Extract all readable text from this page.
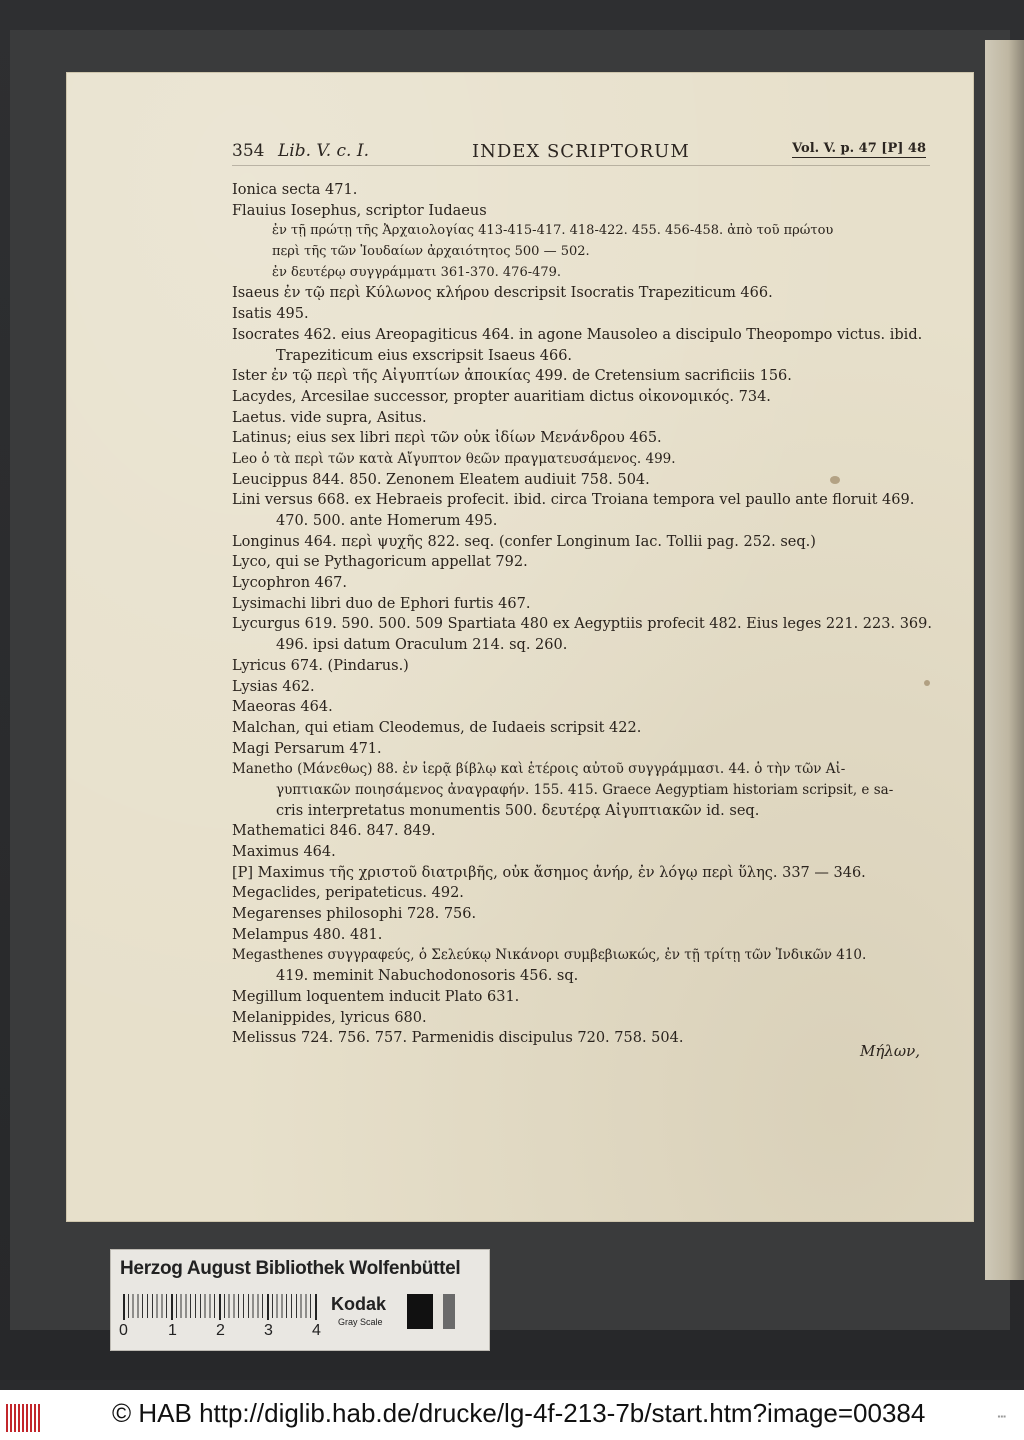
354 Lib. V. c. I.	INDEX SCRIPTORUM	Vol. V. p. 47 [P] 48
Ionica secta 471.
Flauius Iosephus, scriptor Iudaeus
ἐν τῇ πρώτῃ τῆς Ἀρχαιολογίας 413-415-417. 418-422. 455. 456-458. ἀπὸ τοῦ πρώτου
περὶ τῆς τῶν Ἰουδαίων ἀρχαιότητος 500 — 502.
ἐν δευτέρῳ συγγράμματι 361-370. 476-479.
Isaeus ἐν τῷ περὶ Κύλωνος κλήρου descripsit Isocratis Trapeziticum 466.
Isatis 495.
Isocrates 462. eius Areopagiticus 464. in agone Mausoleo a discipulo Theopompo victus. ibid.
Trapeziticum eius exscripsit Isaeus 466.
Ister ἐν τῷ περὶ τῆς Αἰγυπτίων ἀποικίας 499. de Cretensium sacrificiis 156.
Lacydes, Arcesilae successor, propter auaritiam dictus οἰκονομικός. 734.
Laetus. vide supra, Asitus.
Latinus; eius sex libri περὶ τῶν οὐκ ἰδίων Μενάνδρου 465.
Leo ὁ τὰ περὶ τῶν κατὰ Αἴγυπτον θεῶν πραγματευσάμενος. 499.
Leucippus 844. 850. Zenonem Eleatem audiuit 758. 504.
Lini versus 668. ex Hebraeis profecit. ibid. circa Troiana tempora vel paullo ante floruit 469.
470. 500. ante Homerum 495.
Longinus 464. περὶ ψυχῆς 822. seq. (confer Longinum Iac. Tollii pag. 252. seq.)
Lyco, qui se Pythagoricum appellat 792.
Lycophron 467.
Lysimachi libri duo de Ephori furtis 467.
Lycurgus 619. 590. 500. 509 Spartiata 480 ex Aegyptiis profecit 482. Eius leges 221. 223. 369.
496. ipsi datum Oraculum 214. sq. 260.
Lyricus 674. (Pindarus.)
Lysias 462.
Maeoras 464.
Malchan, qui etiam Cleodemus, de Iudaeis scripsit 422.
Magi Persarum 471.
Manetho (Μάνεθως) 88. ἐν ἱερᾷ βίβλῳ καὶ ἑτέροις αὐτοῦ συγγράμμασι. 44. ὁ τὴν τῶν Αἰ-
γυπτιακῶν ποιησάμενος ἀναγραφήν. 155. 415. Graece Aegyptiam historiam scripsit, e sa-
cris interpretatus monumentis 500. δευτέρᾳ Αἰγυπτιακῶν id. seq.
Mathematici 846. 847. 849.
Maximus 464.
[P] Maximus τῆς χριστοῦ διατριβῆς, οὐκ ἄσημος ἀνήρ, ἐν λόγῳ περὶ ὕλης. 337 — 346.
Megaclides, peripateticus. 492.
Megarenses philosophi 728. 756.
Melampus 480. 481.
Megasthenes συγγραφεύς, ὁ Σελεύκῳ Νικάνορι συμβεβιωκώς, ἐν τῇ τρίτῃ τῶν Ἰνδικῶν 410.
419. meminit Nabuchodonosoris 456. sq.
Megillum loquentem inducit Plato 631.
Melanippides, lyricus 680.
Melissus 724. 756. 757. Parmenidis discipulus 720. 758. 504.
Μήλων,
Herzog August Bibliothek Wolfenbüttel
0	1 2 3 4
Kodak
Gray Scale
© HAB http://diglib.hab.de/drucke/lg-4f-213-7b/start.htm?image=00384	▪▪▪
